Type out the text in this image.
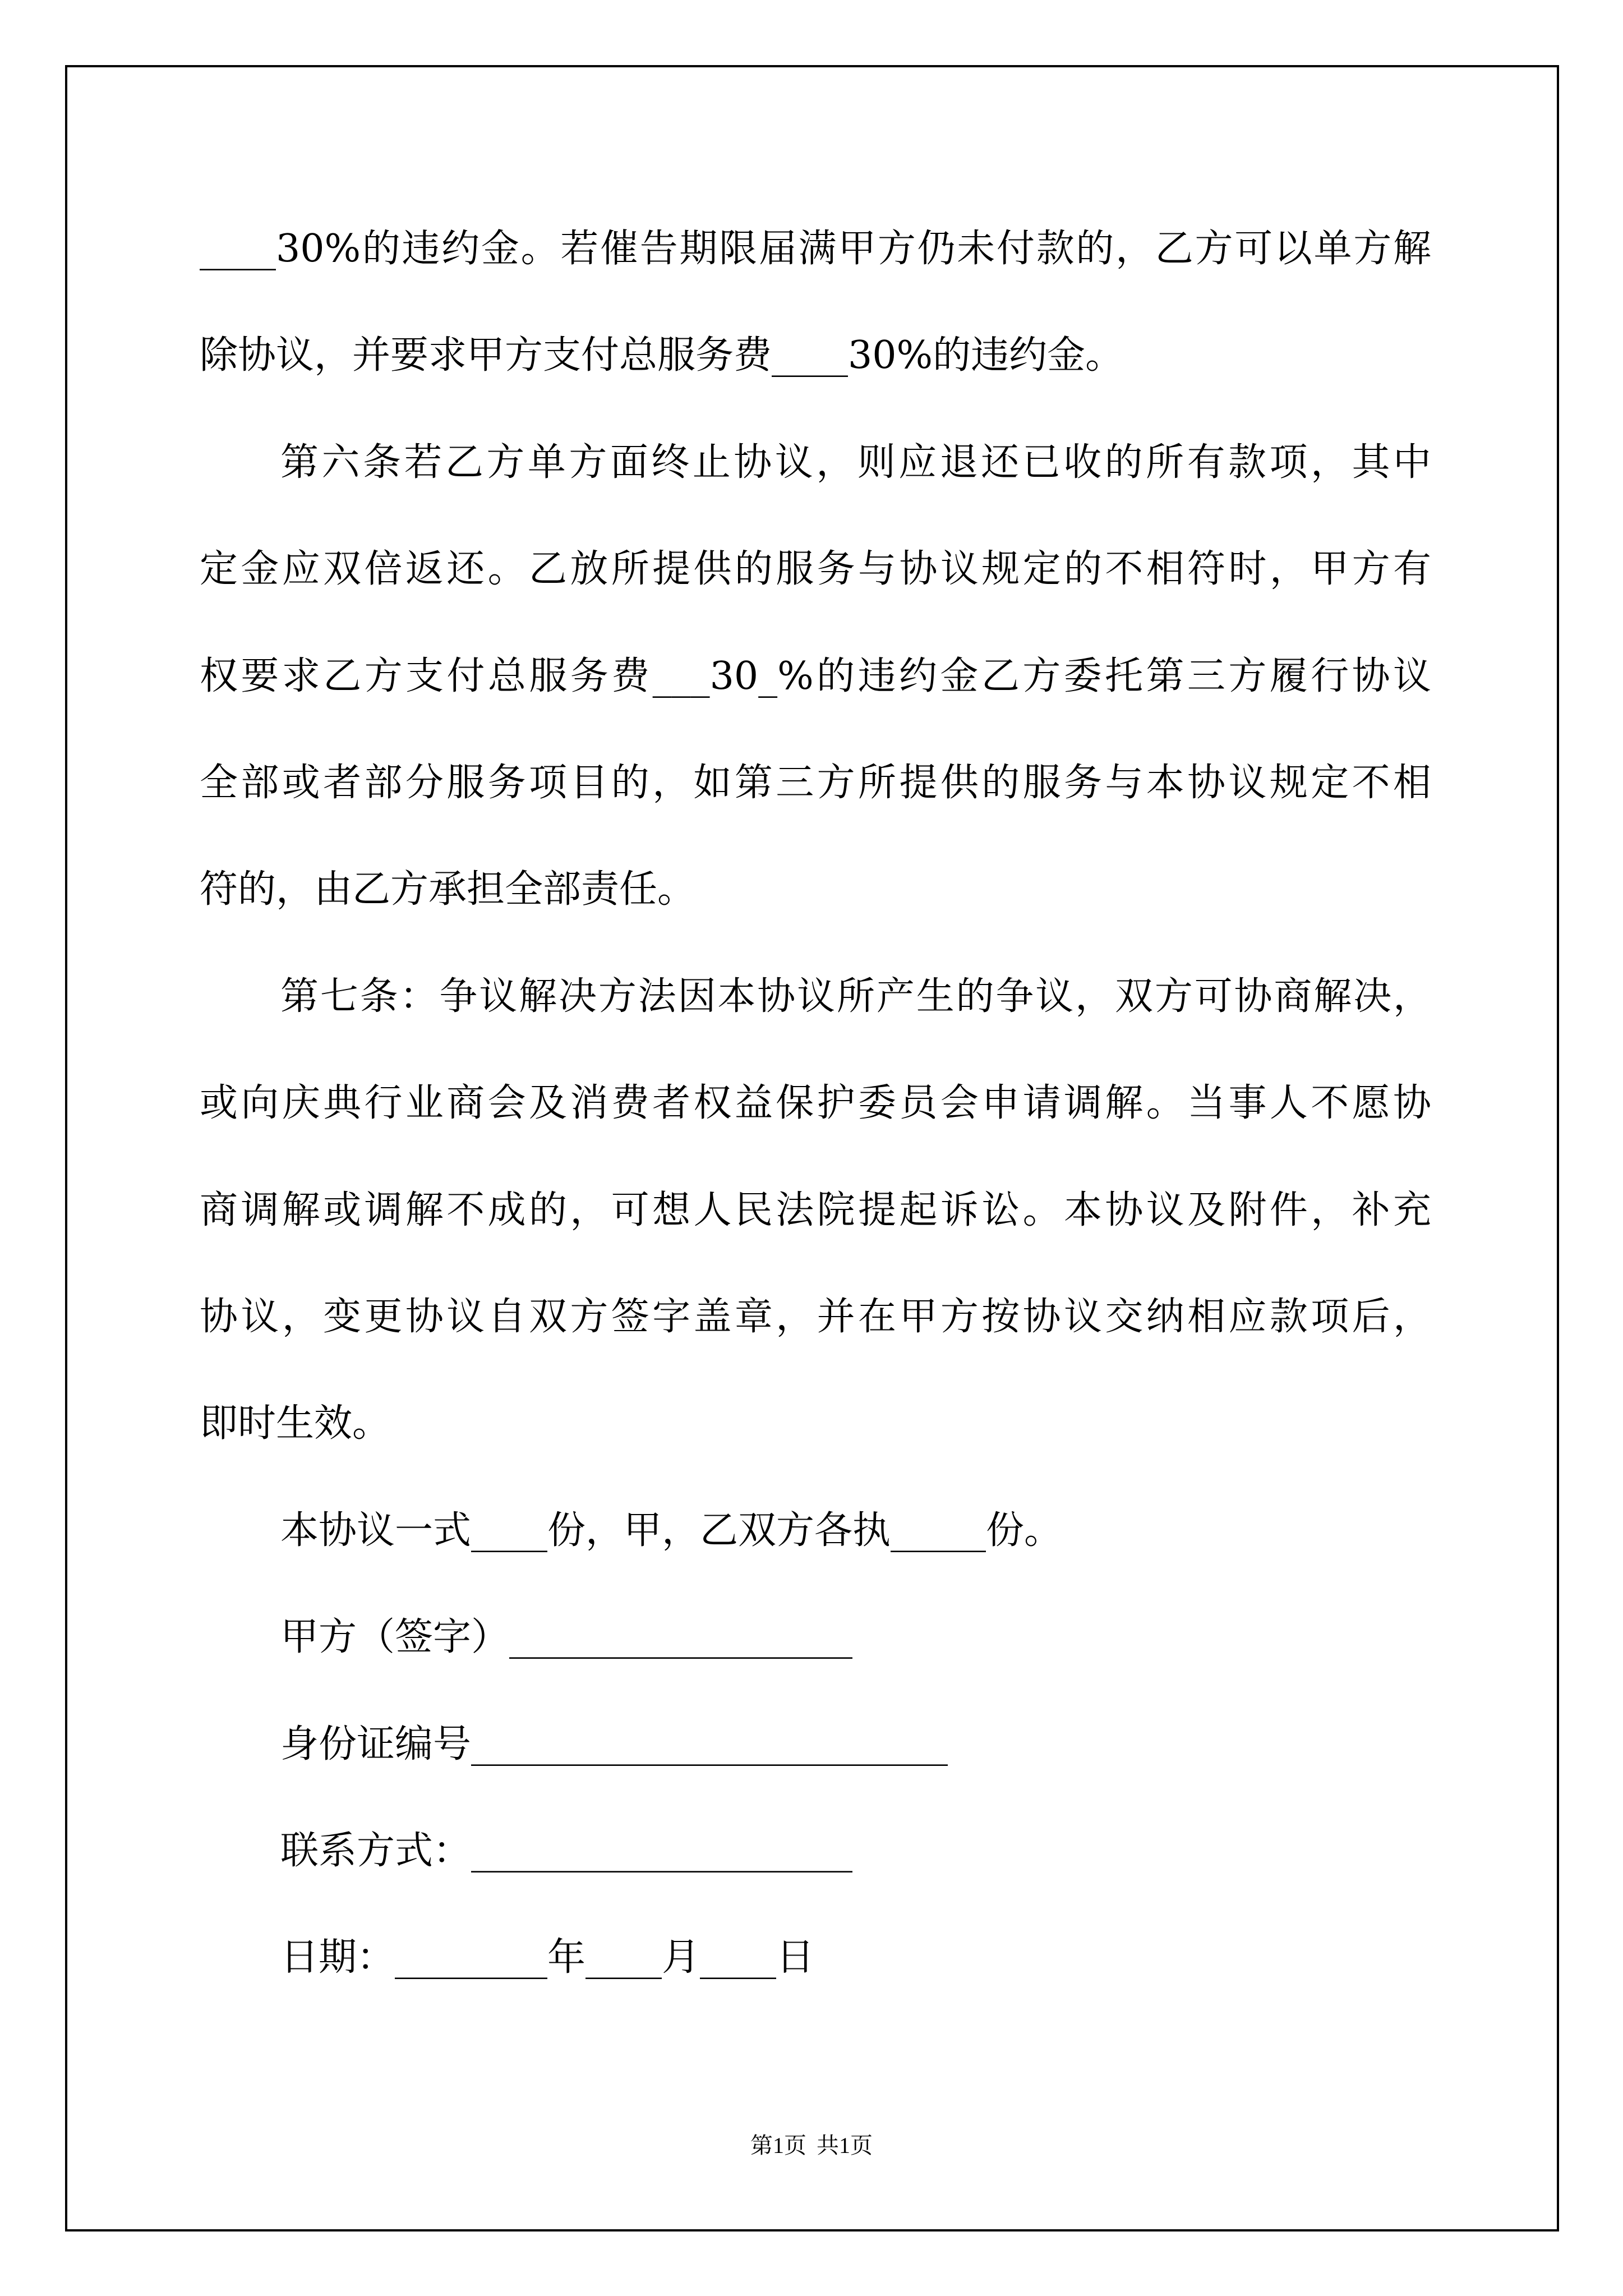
____30%的违约金。若催告期限届满甲方仍未付款的，乙方可以单方解
除协议，并要求甲方支付总服务费____30%的违约金。
第六条若乙方单方面终止协议，则应退还已收的所有款项，其中
定金应双倍返还。乙放所提供的服务与协议规定的不相符时，甲方有
权要求乙方支付总服务费___30_%的违约金乙方委托第三方履行协议
全部或者部分服务项目的，如第三方所提供的服务与本协议规定不相
符的，由乙方承担全部责任。
第七条：争议解决方法因本协议所产生的争议，双方可协商解决，
或向庆典行业商会及消费者权益保护委员会申请调解。当事人不愿协
商调解或调解不成的，可想人民法院提起诉讼。本协议及附件，补充
协议，变更协议自双方签字盖章，并在甲方按协议交纳相应款项后，
即时生效。
本协议一式____份，甲，乙双方各执_____份。
甲方（签字）__________________
身份证编号_________________________
联系方式：____________________
日期：________年____月____日
第1页 共1页
